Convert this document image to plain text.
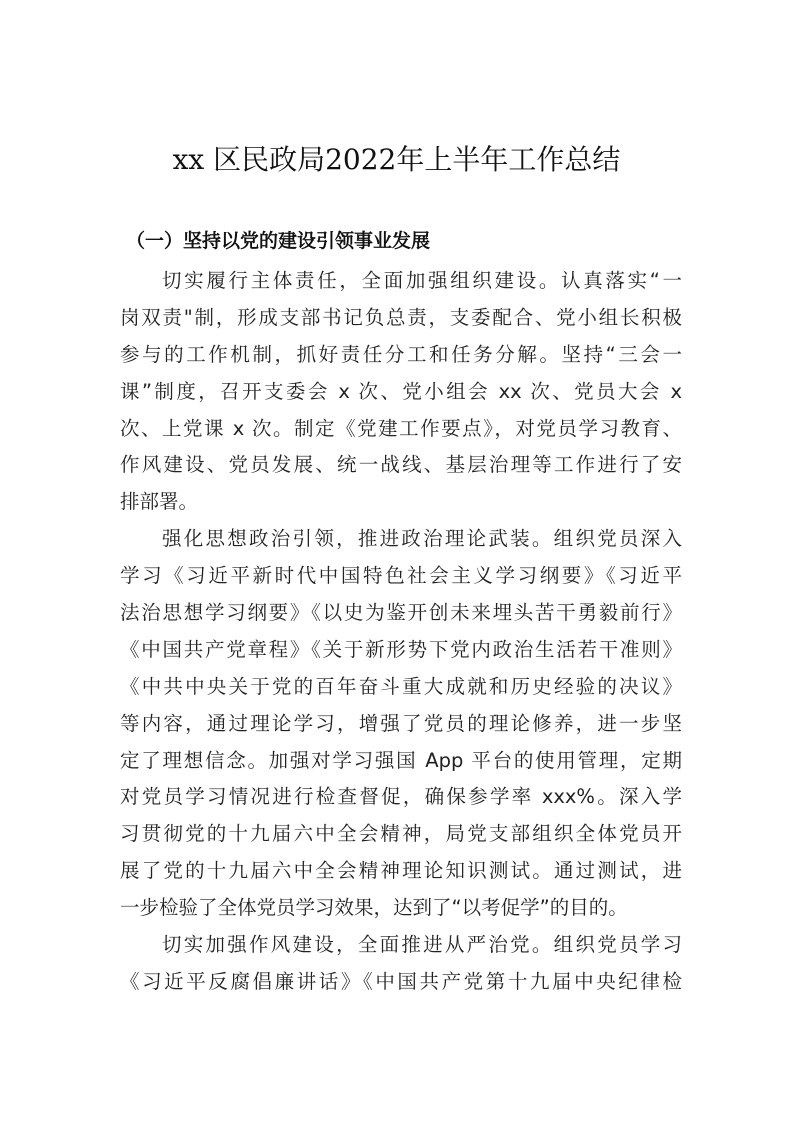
xx 区民政局2022年上半年工作总结
（一）坚持以党的建设引领事业发展
切实履行主体责任，全面加强组织建设。认真落实“一
岗双责"制，形成支部书记负总责，支委配合、党小组长积极
参与的工作机制，抓好责任分工和任务分解。坚持“三会一
课”制度，召开支委会 x 次、党小组会 xx 次、党员大会 x
次、上党课 x 次。制定《党建工作要点》，对党员学习教育、
作风建设、党员发展、统一战线、基层治理等工作进行了安
排部署。
强化思想政治引领，推进政治理论武装。组织党员深入
学习《习近平新时代中国特色社会主义学习纲要》《习近平
法治思想学习纲要》《以史为鉴开创未来埋头苦干勇毅前行》
《中国共产党章程》《关于新形势下党内政治生活若干准则》
《中共中央关于党的百年奋斗重大成就和历史经验的决议》
等内容，通过理论学习，增强了党员的理论修养，进一步坚
定了理想信念。加强对学习强国 App 平台的使用管理，定期
对党员学习情况进行检查督促，确保参学率 xxx%。深入学
习贯彻党的十九届六中全会精神，局党支部组织全体党员开
展了党的十九届六中全会精神理论知识测试。通过测试，进
一步检验了全体党员学习效果，达到了“以考促学”的目的。
切实加强作风建设，全面推进从严治党。组织党员学习
《习近平反腐倡廉讲话》《中国共产党第十九届中央纪律检
